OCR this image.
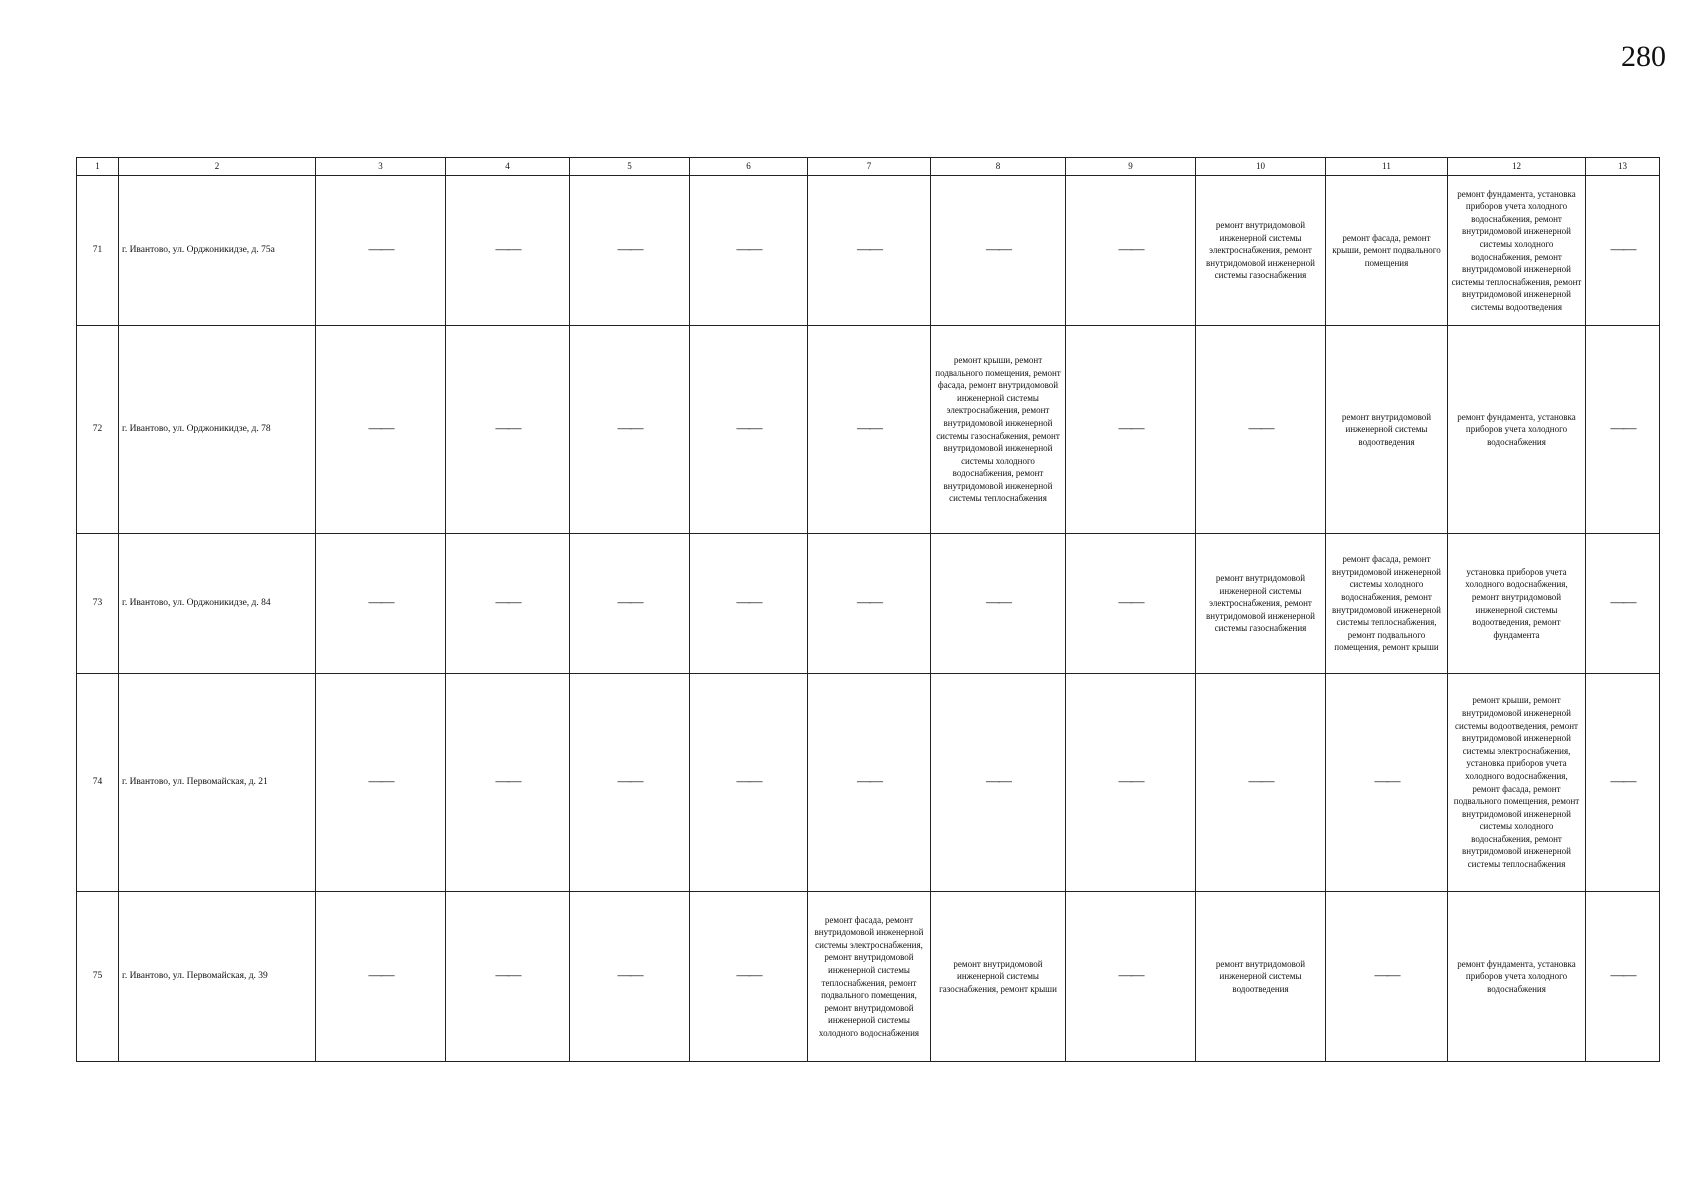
280
1	2	3	4	5	6	7	8	9	10	11	12	13
71	г. Ивантово, ул. Орджоникидзе, д. 75а	——	——	——	——	——	——	——	ремонт внутридомовой инженерной системы электроснабжения, ремонт внутридомовой инженерной системы газоснабжения	ремонт фасада, ремонт крыши, ремонт подвального помещения	ремонт фундамента, установка приборов учета холодного водоснабжения, ремонт внутридомовой инженерной системы холодного водоснабжения, ремонт внутридомовой инженерной системы теплоснабжения, ремонт внутридомовой инженерной системы водоотведения	——
72	г. Ивантово, ул. Орджоникидзе, д. 78	——	——	——	——	——	ремонт крыши, ремонт подвального помещения, ремонт фасада, ремонт внутридомовой инженерной системы электроснабжения, ремонт внутридомовой инженерной системы газоснабжения, ремонт внутридомовой инженерной системы холодного водоснабжения, ремонт внутридомовой инженерной системы теплоснабжения	——	——	ремонт внутридомовой инженерной системы водоотведения	ремонт фундамента, установка приборов учета холодного водоснабжения	——
73	г. Ивантово, ул. Орджоникидзе, д. 84	——	——	——	——	——	——	——	ремонт внутридомовой инженерной системы электроснабжения, ремонт внутридомовой инженерной системы газоснабжения	ремонт фасада, ремонт внутридомовой инженерной системы холодного водоснабжения, ремонт внутридомовой инженерной системы теплоснабжения, ремонт подвального помещения, ремонт крыши	установка приборов учета холодного водоснабжения, ремонт внутридомовой инженерной системы водоотведения, ремонт фундамента	——
74	г. Ивантово, ул. Первомайская, д. 21	——	——	——	——	——	——	——	——	——	ремонт крыши, ремонт внутридомовой инженерной системы водоотведения, ремонт внутридомовой инженерной системы электроснабжения, установка приборов учета холодного водоснабжения, ремонт фасада, ремонт подвального помещения, ремонт внутридомовой инженерной системы холодного водоснабжения, ремонт внутридомовой инженерной системы теплоснабжения	——
75	г. Ивантово, ул. Первомайская, д. 39	——	——	——	——	ремонт фасада, ремонт внутридомовой инженерной системы электроснабжения, ремонт внутридомовой инженерной системы теплоснабжения, ремонт подвального помещения, ремонт внутридомовой инженерной системы холодного водоснабжения	ремонт внутридомовой инженерной системы газоснабжения, ремонт крыши	——	ремонт внутридомовой инженерной системы водоотведения	——	ремонт фундамента, установка приборов учета холодного водоснабжения	——
